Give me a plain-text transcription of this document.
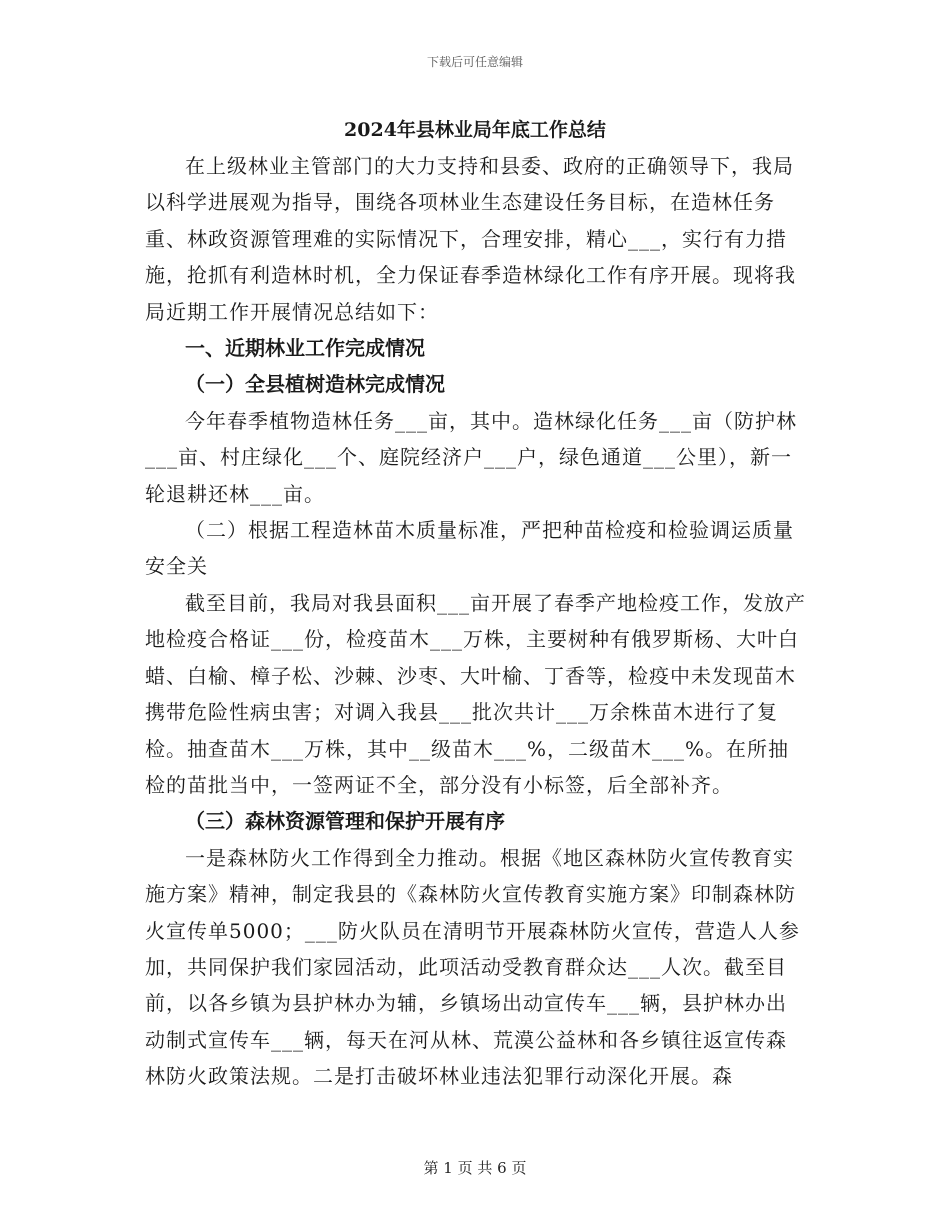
下载后可任意编辑
2024年县林业局年底工作总结

在上级林业主管部门的大力支持和县委、政府的正确领导下，我局以科学进展观为指导，围绕各项林业生态建设任务目标，在造林任务重、林政资源管理难的实际情况下，合理安排，精心___，实行有力措施，抢抓有利造林时机，全力保证春季造林绿化工作有序开展。现将我局近期工作开展情况总结如下：

一、近期林业工作完成情况

（一）全县植树造林完成情况

今年春季植物造林任务___亩，其中。造林绿化任务___亩（防护林___亩、村庄绿化___个、庭院经济户___户，绿色通道___公里），新一轮退耕还林___亩。

（二）根据工程造林苗木质量标准，严把种苗检疫和检验调运质量安全关

截至目前，我局对我县面积___亩开展了春季产地检疫工作，发放产地检疫合格证___份，检疫苗木___万株，主要树种有俄罗斯杨、大叶白蜡、白榆、樟子松、沙棘、沙枣、大叶榆、丁香等，检疫中未发现苗木携带危险性病虫害；对调入我县___批次共计___万余株苗木进行了复检。抽查苗木___万株，其中__级苗木___%，二级苗木___%。在所抽检的苗批当中，一签两证不全，部分没有小标签，后全部补齐。

（三）森林资源管理和保护开展有序

一是森林防火工作得到全力推动。根据《地区森林防火宣传教育实施方案》精神，制定我县的《森林防火宣传教育实施方案》印制森林防火宣传单5000；___防火队员在清明节开展森林防火宣传，营造人人参加，共同保护我们家园活动，此项活动受教育群众达___人次。截至目前，以各乡镇为县护林办为辅，乡镇场出动宣传车___辆，县护林办出动制式宣传车___辆，每天在河从林、荒漠公益林和各乡镇往返宣传森林防火政策法规。二是打击破坏林业违法犯罪行动深化开展。森

第 1 页 共 6 页
